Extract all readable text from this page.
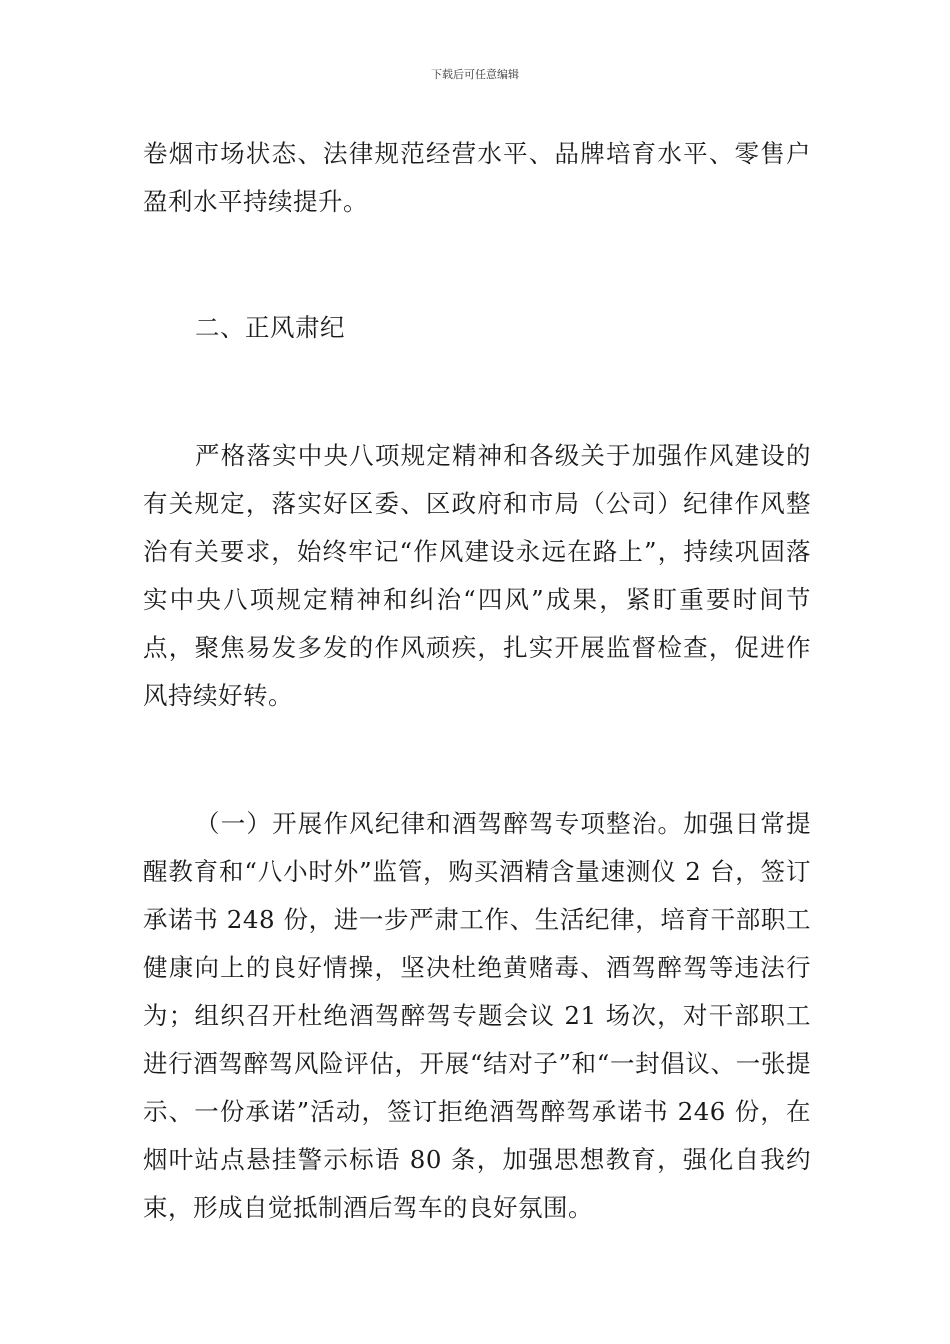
下载后可任意编辑

卷烟市场状态、法律规范经营水平、品牌培育水平、零售户盈利水平持续提升。

二、正风肃纪

严格落实中央八项规定精神和各级关于加强作风建设的有关规定，落实好区委、区政府和市局（公司）纪律作风整治有关要求，始终牢记“作风建设永远在路上”，持续巩固落实中央八项规定精神和纠治“四风”成果，紧盯重要时间节点，聚焦易发多发的作风顽疾，扎实开展监督检查，促进作风持续好转。

（一）开展作风纪律和酒驾醉驾专项整治。加强日常提醒教育和“八小时外”监管，购买酒精含量速测仪 2 台，签订承诺书 248 份，进一步严肃工作、生活纪律，培育干部职工健康向上的良好情操，坚决杜绝黄赌毒、酒驾醉驾等违法行为；组织召开杜绝酒驾醉驾专题会议 21 场次，对干部职工进行酒驾醉驾风险评估，开展“结对子”和“一封倡议、一张提示、一份承诺”活动，签订拒绝酒驾醉驾承诺书 246 份，在烟叶站点悬挂警示标语 80 条，加强思想教育，强化自我约束，形成自觉抵制酒后驾车的良好氛围。
